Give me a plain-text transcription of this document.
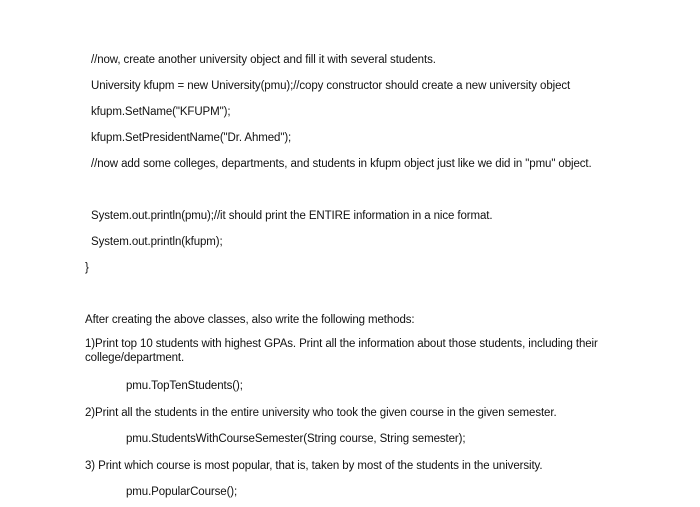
//now, create another university object and fill it with several students.
University kfupm = new University(pmu);//copy constructor should create a new university object
kfupm.SetName("KFUPM");
kfupm.SetPresidentName("Dr. Ahmed");
//now add some colleges, departments, and students in kfupm object just like we did in "pmu" object.
System.out.println(pmu);//it should print the ENTIRE information in a nice format.
System.out.println(kfupm);
}
After creating the above classes, also write the following methods:
1)Print top 10 students with highest GPAs. Print all the information about those students, including their college/department.
pmu.TopTenStudents();
2)Print all the students in the entire university who took the given course in the given semester.
pmu.StudentsWithCourseSemester(String course, String semester);
3) Print which course is most popular, that is, taken by most of the students in the university.
pmu.PopularCourse();
